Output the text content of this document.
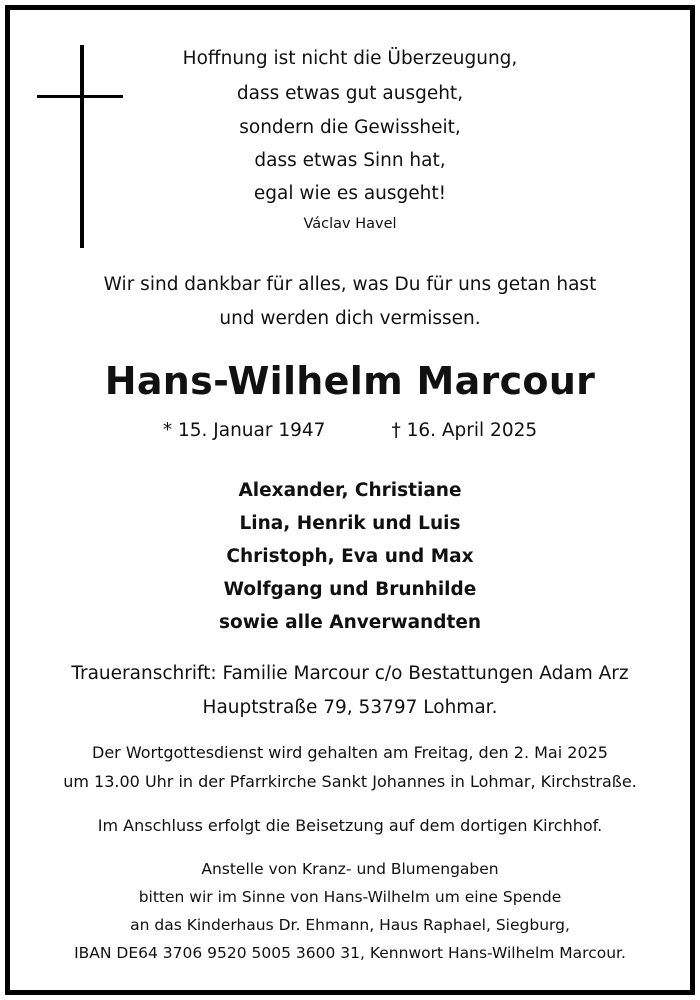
Hoffnung ist nicht die Überzeugung,
dass etwas gut ausgeht,
sondern die Gewissheit,
dass etwas Sinn hat,
egal wie es ausgeht!
Václav Havel
Wir sind dankbar für alles, was Du für uns getan hast
und werden dich vermissen.
Hans-Wilhelm Marcour
* 15. Januar 1947	† 16. April 2025
Alexander, Christiane
Lina, Henrik und Luis
Christoph, Eva und Max
Wolfgang und Brunhilde
sowie alle Anverwandten
Traueranschrift: Familie Marcour c/o Bestattungen Adam Arz
Hauptstraße 79, 53797 Lohmar.
Der Wortgottesdienst wird gehalten am Freitag, den 2. Mai 2025
um 13.00 Uhr in der Pfarrkirche Sankt Johannes in Lohmar, Kirchstraße.
Im Anschluss erfolgt die Beisetzung auf dem dortigen Kirchhof.
Anstelle von Kranz- und Blumengaben
bitten wir im Sinne von Hans-Wilhelm um eine Spende
an das Kinderhaus Dr. Ehmann, Haus Raphael, Siegburg,
IBAN DE64 3706 9520 5005 3600 31, Kennwort Hans-Wilhelm Marcour.
